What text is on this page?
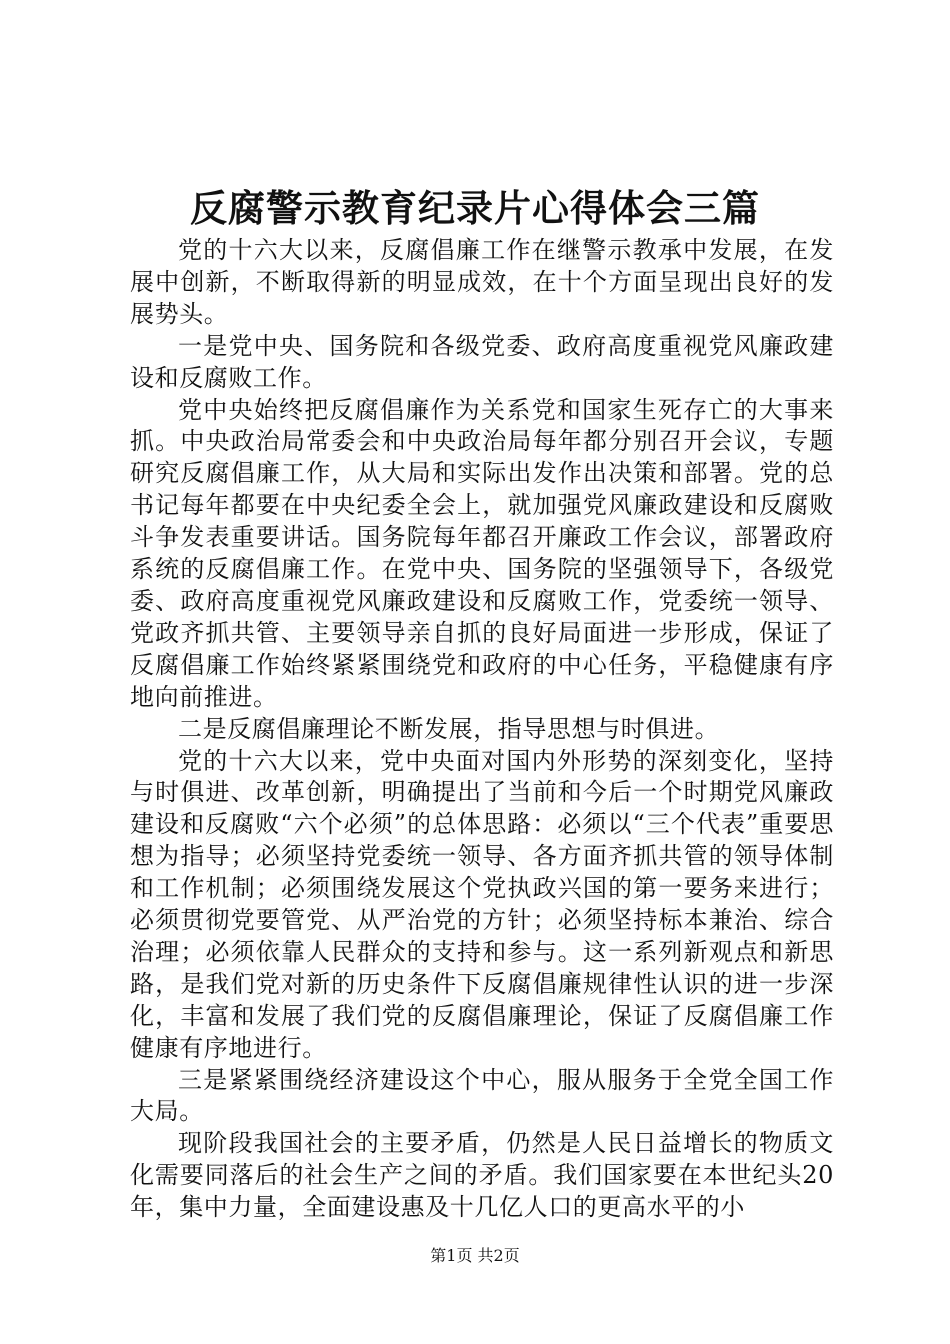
反腐警示教育纪录片心得体会三篇

党的十六大以来，反腐倡廉工作在继警示教承中发展，在发展中创新，不断取得新的明显成效，在十个方面呈现出良好的发展势头。

一是党中央、国务院和各级党委、政府高度重视党风廉政建设和反腐败工作。

党中央始终把反腐倡廉作为关系党和国家生死存亡的大事来抓。中央政治局常委会和中央政治局每年都分别召开会议，专题研究反腐倡廉工作，从大局和实际出发作出决策和部署。党的总书记每年都要在中央纪委全会上，就加强党风廉政建设和反腐败斗争发表重要讲话。国务院每年都召开廉政工作会议，部署政府系统的反腐倡廉工作。在党中央、国务院的坚强领导下，各级党委、政府高度重视党风廉政建设和反腐败工作，党委统一领导、党政齐抓共管、主要领导亲自抓的良好局面进一步形成，保证了反腐倡廉工作始终紧紧围绕党和政府的中心任务，平稳健康有序地向前推进。

二是反腐倡廉理论不断发展，指导思想与时俱进。

党的十六大以来，党中央面对国内外形势的深刻变化，坚持与时俱进、改革创新，明确提出了当前和今后一个时期党风廉政建设和反腐败“六个必须”的总体思路：必须以“三个代表”重要思想为指导；必须坚持党委统一领导、各方面齐抓共管的领导体制和工作机制；必须围绕发展这个党执政兴国的第一要务来进行；必须贯彻党要管党、从严治党的方针；必须坚持标本兼治、综合治理；必须依靠人民群众的支持和参与。这一系列新观点和新思路，是我们党对新的历史条件下反腐倡廉规律性认识的进一步深化，丰富和发展了我们党的反腐倡廉理论，保证了反腐倡廉工作健康有序地进行。

三是紧紧围绕经济建设这个中心，服从服务于全党全国工作大局。

现阶段我国社会的主要矛盾，仍然是人民日益增长的物质文化需要同落后的社会生产之间的矛盾。我们国家要在本世纪头20年，集中力量，全面建设惠及十几亿人口的更高水平的小

第1页 共2页
